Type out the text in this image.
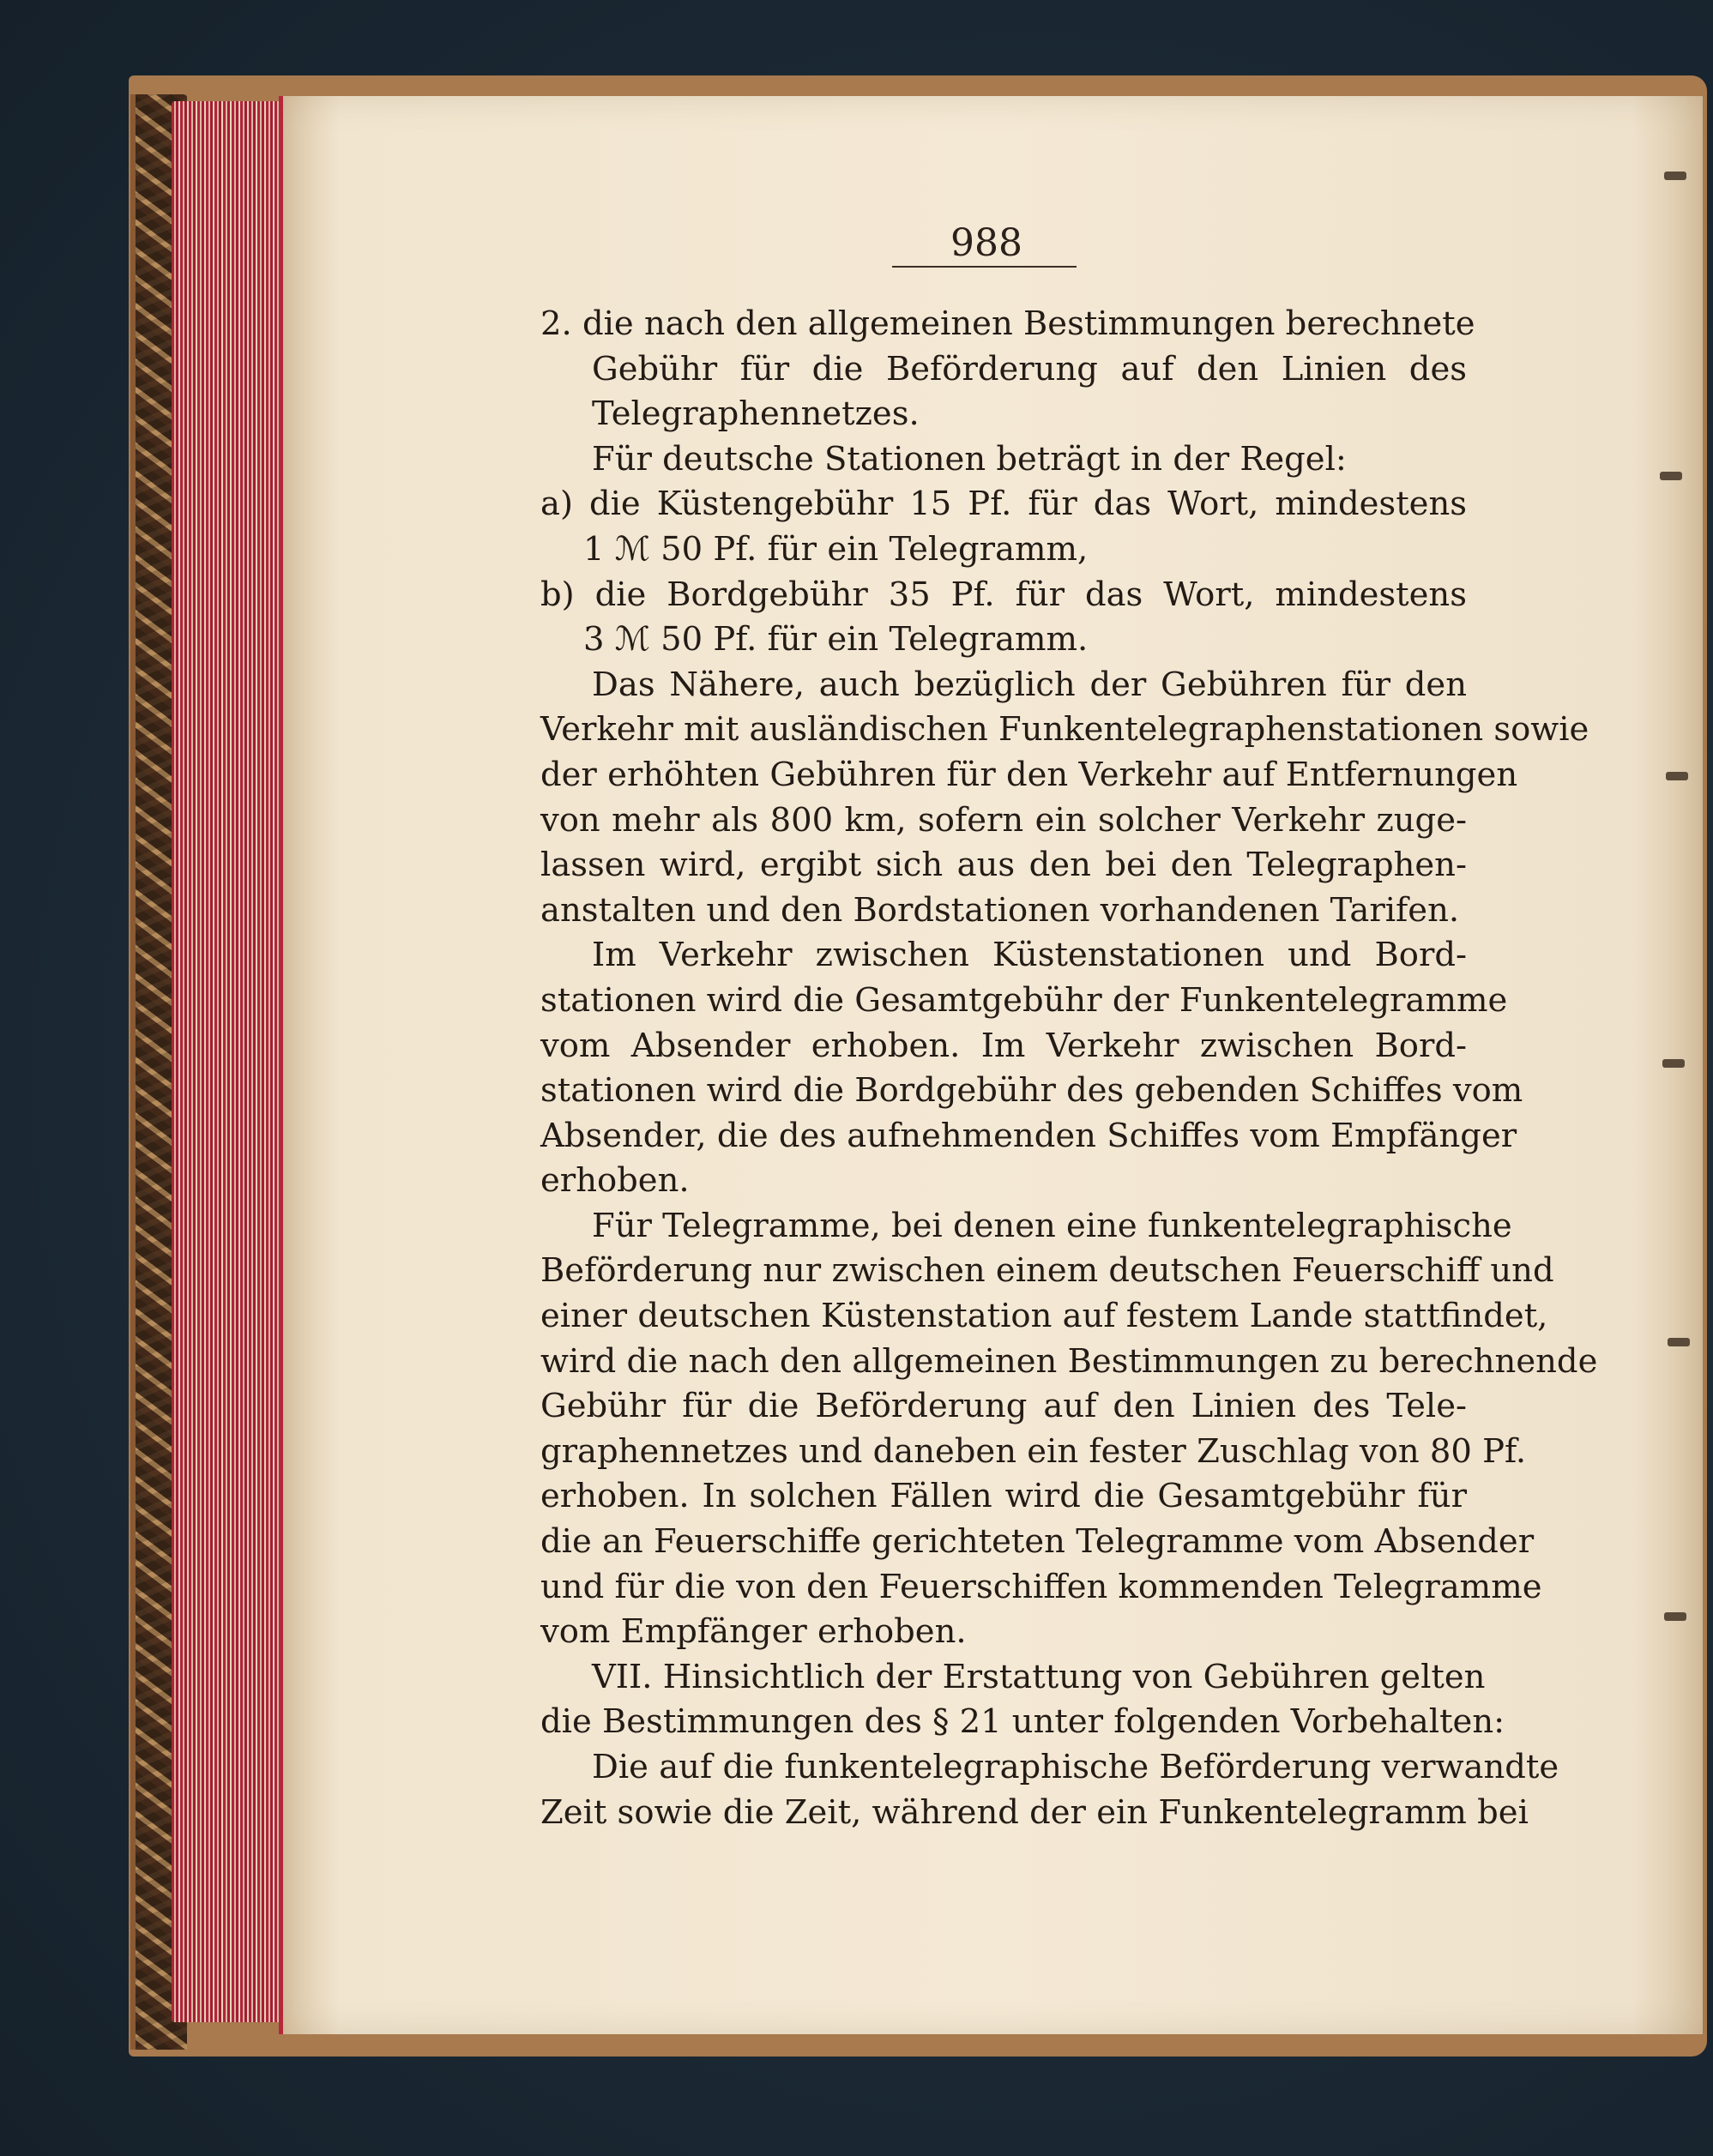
988
2. die nach den allgemeinen Bestimmungen berechnete
Gebühr für die Beförderung auf den Linien des
Telegraphennetzes.
Für deutsche Stationen beträgt in der Regel:
a) die Küstengebühr 15 Pf. für das Wort, mindestens
1 ℳ 50 Pf. für ein Telegramm,
b) die Bordgebühr 35 Pf. für das Wort, mindestens
3 ℳ 50 Pf. für ein Telegramm.
Das Nähere, auch bezüglich der Gebühren für den
Verkehr mit ausländischen Funkentelegraphenstationen sowie
der erhöhten Gebühren für den Verkehr auf Entfernungen
von mehr als 800 km, sofern ein solcher Verkehr zuge-
lassen wird, ergibt sich aus den bei den Telegraphen-
anstalten und den Bordstationen vorhandenen Tarifen.
Im Verkehr zwischen Küstenstationen und Bord-
stationen wird die Gesamtgebühr der Funkentelegramme
vom Absender erhoben. Im Verkehr zwischen Bord-
stationen wird die Bordgebühr des gebenden Schiffes vom
Absender, die des aufnehmenden Schiffes vom Empfänger
erhoben.
Für Telegramme, bei denen eine funkentelegraphische
Beförderung nur zwischen einem deutschen Feuerschiff und
einer deutschen Küstenstation auf festem Lande stattfindet,
wird die nach den allgemeinen Bestimmungen zu berechnende
Gebühr für die Beförderung auf den Linien des Tele-
graphennetzes und daneben ein fester Zuschlag von 80 Pf.
erhoben. In solchen Fällen wird die Gesamtgebühr für
die an Feuerschiffe gerichteten Telegramme vom Absender
und für die von den Feuerschiffen kommenden Telegramme
vom Empfänger erhoben.
VII. Hinsichtlich der Erstattung von Gebühren gelten
die Bestimmungen des § 21 unter folgenden Vorbehalten:
Die auf die funkentelegraphische Beförderung verwandte
Zeit sowie die Zeit, während der ein Funkentelegramm bei
